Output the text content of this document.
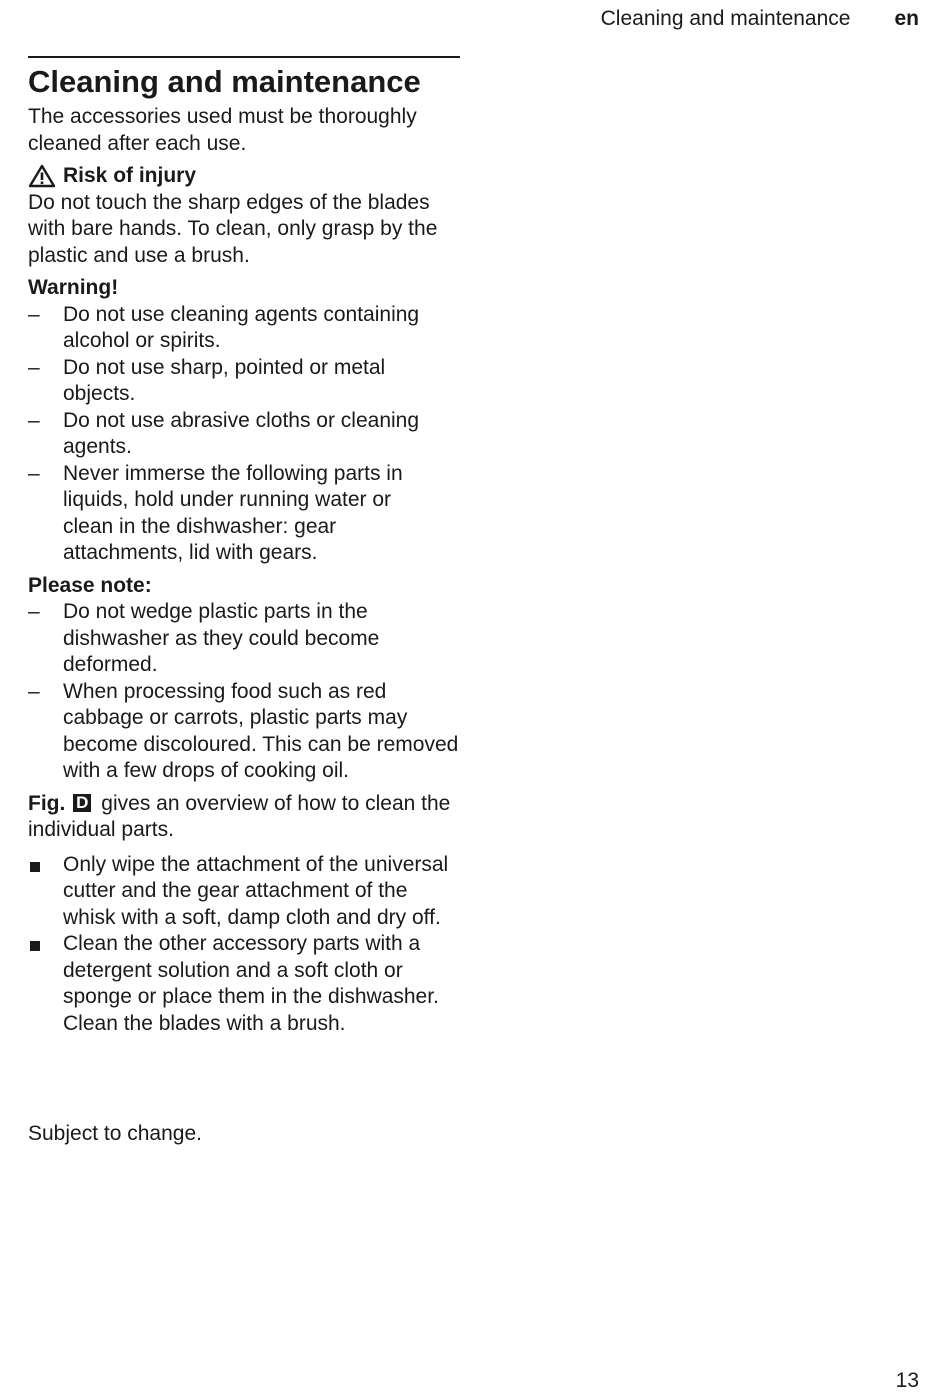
Cleaning and maintenance en
Cleaning and maintenance

The accessories used must be thoroughly cleaned after each use.

Risk of injury

Do not touch the sharp edges of the blades with bare hands. To clean, only grasp by the plastic and use a brush.

Warning!
–	Do not use cleaning agents containing alcohol or spirits.
–	Do not use sharp, pointed or metal objects.
–	Do not use abrasive cloths or cleaning agents.
–	Never immerse the following parts in liquids, hold under running water or clean in the dishwasher: gear attachments, lid with gears.
Please note:
–	Do not wedge plastic parts in the dishwasher as they could become deformed.
–	When processing food such as red cabbage or carrots, plastic parts may become discoloured. This can be removed with a few drops of cooking oil.

Fig. D gives an overview of how to clean the individual parts.

Only wipe the attachment of the universal cutter and the gear attachment of the whisk with a soft, damp cloth and dry off.
Clean the other accessory parts with a detergent solution and a soft cloth or sponge or place them in the dishwasher. Clean the blades with a brush.
Subject to change.
13
